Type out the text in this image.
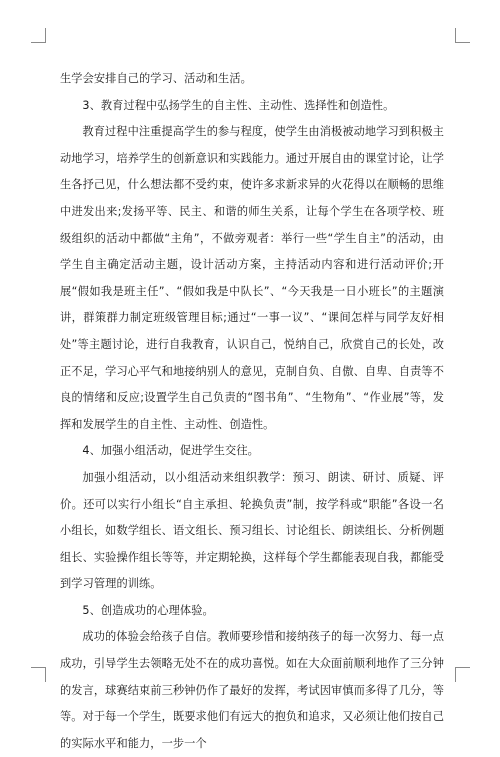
生学会安排自己的学习、活动和生活。

3、教育过程中弘扬学生的自主性、主动性、选择性和创造性。

教育过程中注重提高学生的参与程度，使学生由消极被动地学习到积极主动地学习，培养学生的创新意识和实践能力。通过开展自由的课堂讨论，让学生各抒己见，什么想法都不受约束，使许多求新求异的火花得以在顺畅的思维中进发出来;发扬平等、民主、和谐的师生关系，让每个学生在各项学校、班级组织的活动中都做“主角”，不做旁观者：举行一些“学生自主”的活动，由学生自主确定活动主题，设计活动方案，主持活动内容和进行活动评价;开展“假如我是班主任”、“假如我是中队长”、“今天我是一日小班长”的主题演讲，群策群力制定班级管理目标;通过“一事一议”、“课间怎样与同学友好相处”等主题讨论，进行自我教育，认识自己，悦纳自己，欣赏自己的长处，改正不足，学习心平气和地接纳别人的意见，克制自负、自傲、自卑、自责等不良的情绪和反应;设置学生自己负责的“图书角”、“生物角”、“作业展”等，发挥和发展学生的自主性、主动性、创造性。

4、加强小组活动，促进学生交往。

加强小组活动，以小组活动来组织教学：预习、朗读、研讨、质疑、评价。还可以实行小组长“自主承担、轮换负责”制，按学科或“职能”各设一名小组长，如数学组长、语文组长、预习组长、讨论组长、朗读组长、分析例题组长、实验操作组长等等，并定期轮换，这样每个学生都能表现自我，都能受到学习管理的训练。

5、创造成功的心理体验。

成功的体验会给孩子自信。教师要珍惜和接纳孩子的每一次努力、每一点成功，引导学生去领略无处不在的成功喜悦。如在大众面前顺利地作了三分钟的发言，球赛结束前三秒钟仍作了最好的发挥，考试因审慎而多得了几分，等等。对于每一个学生，既要求他们有远大的抱负和追求，又必须让他们按自己的实际水平和能力，一步一个
